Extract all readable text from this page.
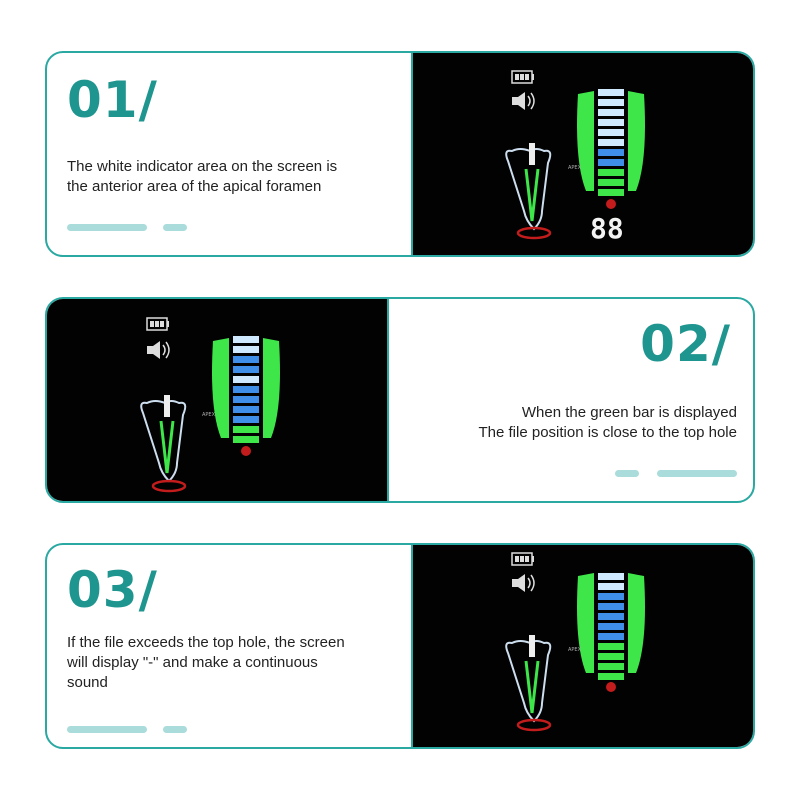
01/
The white indicator area on the screen is
the anterior area of the apical foramen
APEX
88
APEX
02/
When the green bar is displayed
The file position is close to the top hole
03/
If the file exceeds the top hole, the screen
will display "-" and make a continuous
sound
APEX
